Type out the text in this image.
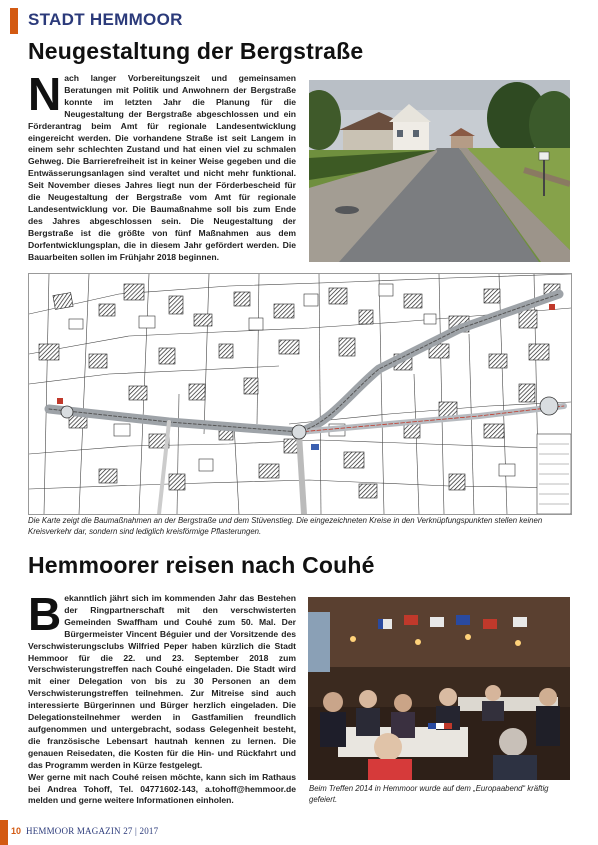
STADT HEMMOOR
Neugestaltung der Bergstraße
N ach langer Vorbereitungszeit und gemeinsamen Beratungen mit Politik und Anwohnern der Bergstraße konnte im letzten Jahr die Planung für die Neugestaltung der Bergstraße abgeschlossen und ein Förderantrag beim Amt für regionale Landesentwicklung eingereicht werden. Die vorhandene Straße ist seit Langem in einem sehr schlechten Zustand und hat einen viel zu schmalen Gehweg. Die Barrierefreiheit ist in keiner Weise gegeben und die Entwässerungsanlagen sind veraltet und nicht mehr funktional. Seit November dieses Jahres liegt nun der Förderbescheid für die Neugestaltung der Bergstraße vom Amt für regionale Landesentwicklung vor. Die Baumaßnahme soll bis zum Ende des Jahres abgeschlossen sein. Die Neugestaltung der Bergstraße ist die größte von fünf Maßnahmen aus dem Dorfentwicklungsplan, die in diesem Jahr gefördert werden. Die Bauarbeiten sollen im Frühjahr 2018 beginnen.

Die Karte zeigt die Baumaßnahmen an der Bergstraße und dem Stüvenstieg. Die eingezeichneten Kreise in den Verknüpfungspunkten stellen keinen Kreisverkehr dar, sondern sind lediglich kreisförmige Pflasterungen.
Hemmoorer reisen nach Couhé
B ekanntlich jährt sich im kommenden Jahr das Bestehen der Ringpartnerschaft mit den verschwisterten Gemeinden Swaffham und Couhé zum 50. Mal. Der Bürgermeister Vincent Béguier und der Vorsitzende des Verschwisterungsclubs Wilfried Peper haben kürzlich die Stadt Hemmoor für die 22. und 23. September 2018 zum Verschwisterungstreffen nach Couhé eingeladen. Die Stadt wird mit einer Delegation von bis zu 30 Personen an dem Verschwisterungstreffen teilnehmen. Zur Mitreise sind auch interessierte Bürgerinnen und Bürger herzlich eingeladen. Die Delegationsteilnehmer werden in Gastfamilien freundlich aufgenommen und untergebracht, sodass Gelegenheit besteht, die französische Lebensart hautnah kennen zu lernen. Die genauen Reisedaten, die Kosten für die Hin- und Rückfahrt und das Programm werden in Kürze festgelegt.

Wer gerne mit nach Couhé reisen möchte, kann sich im Rathaus bei Andrea Tohoff, Tel. 04771602-143, a.tohoff@hemmoor.de melden und gerne weitere Informationen einholen.

Beim Treffen 2014 in Hemmoor wurde auf dem „Europaabend“ kräftig gefeiert.
10 HEMMOOR MAGAZIN 27 | 2017
